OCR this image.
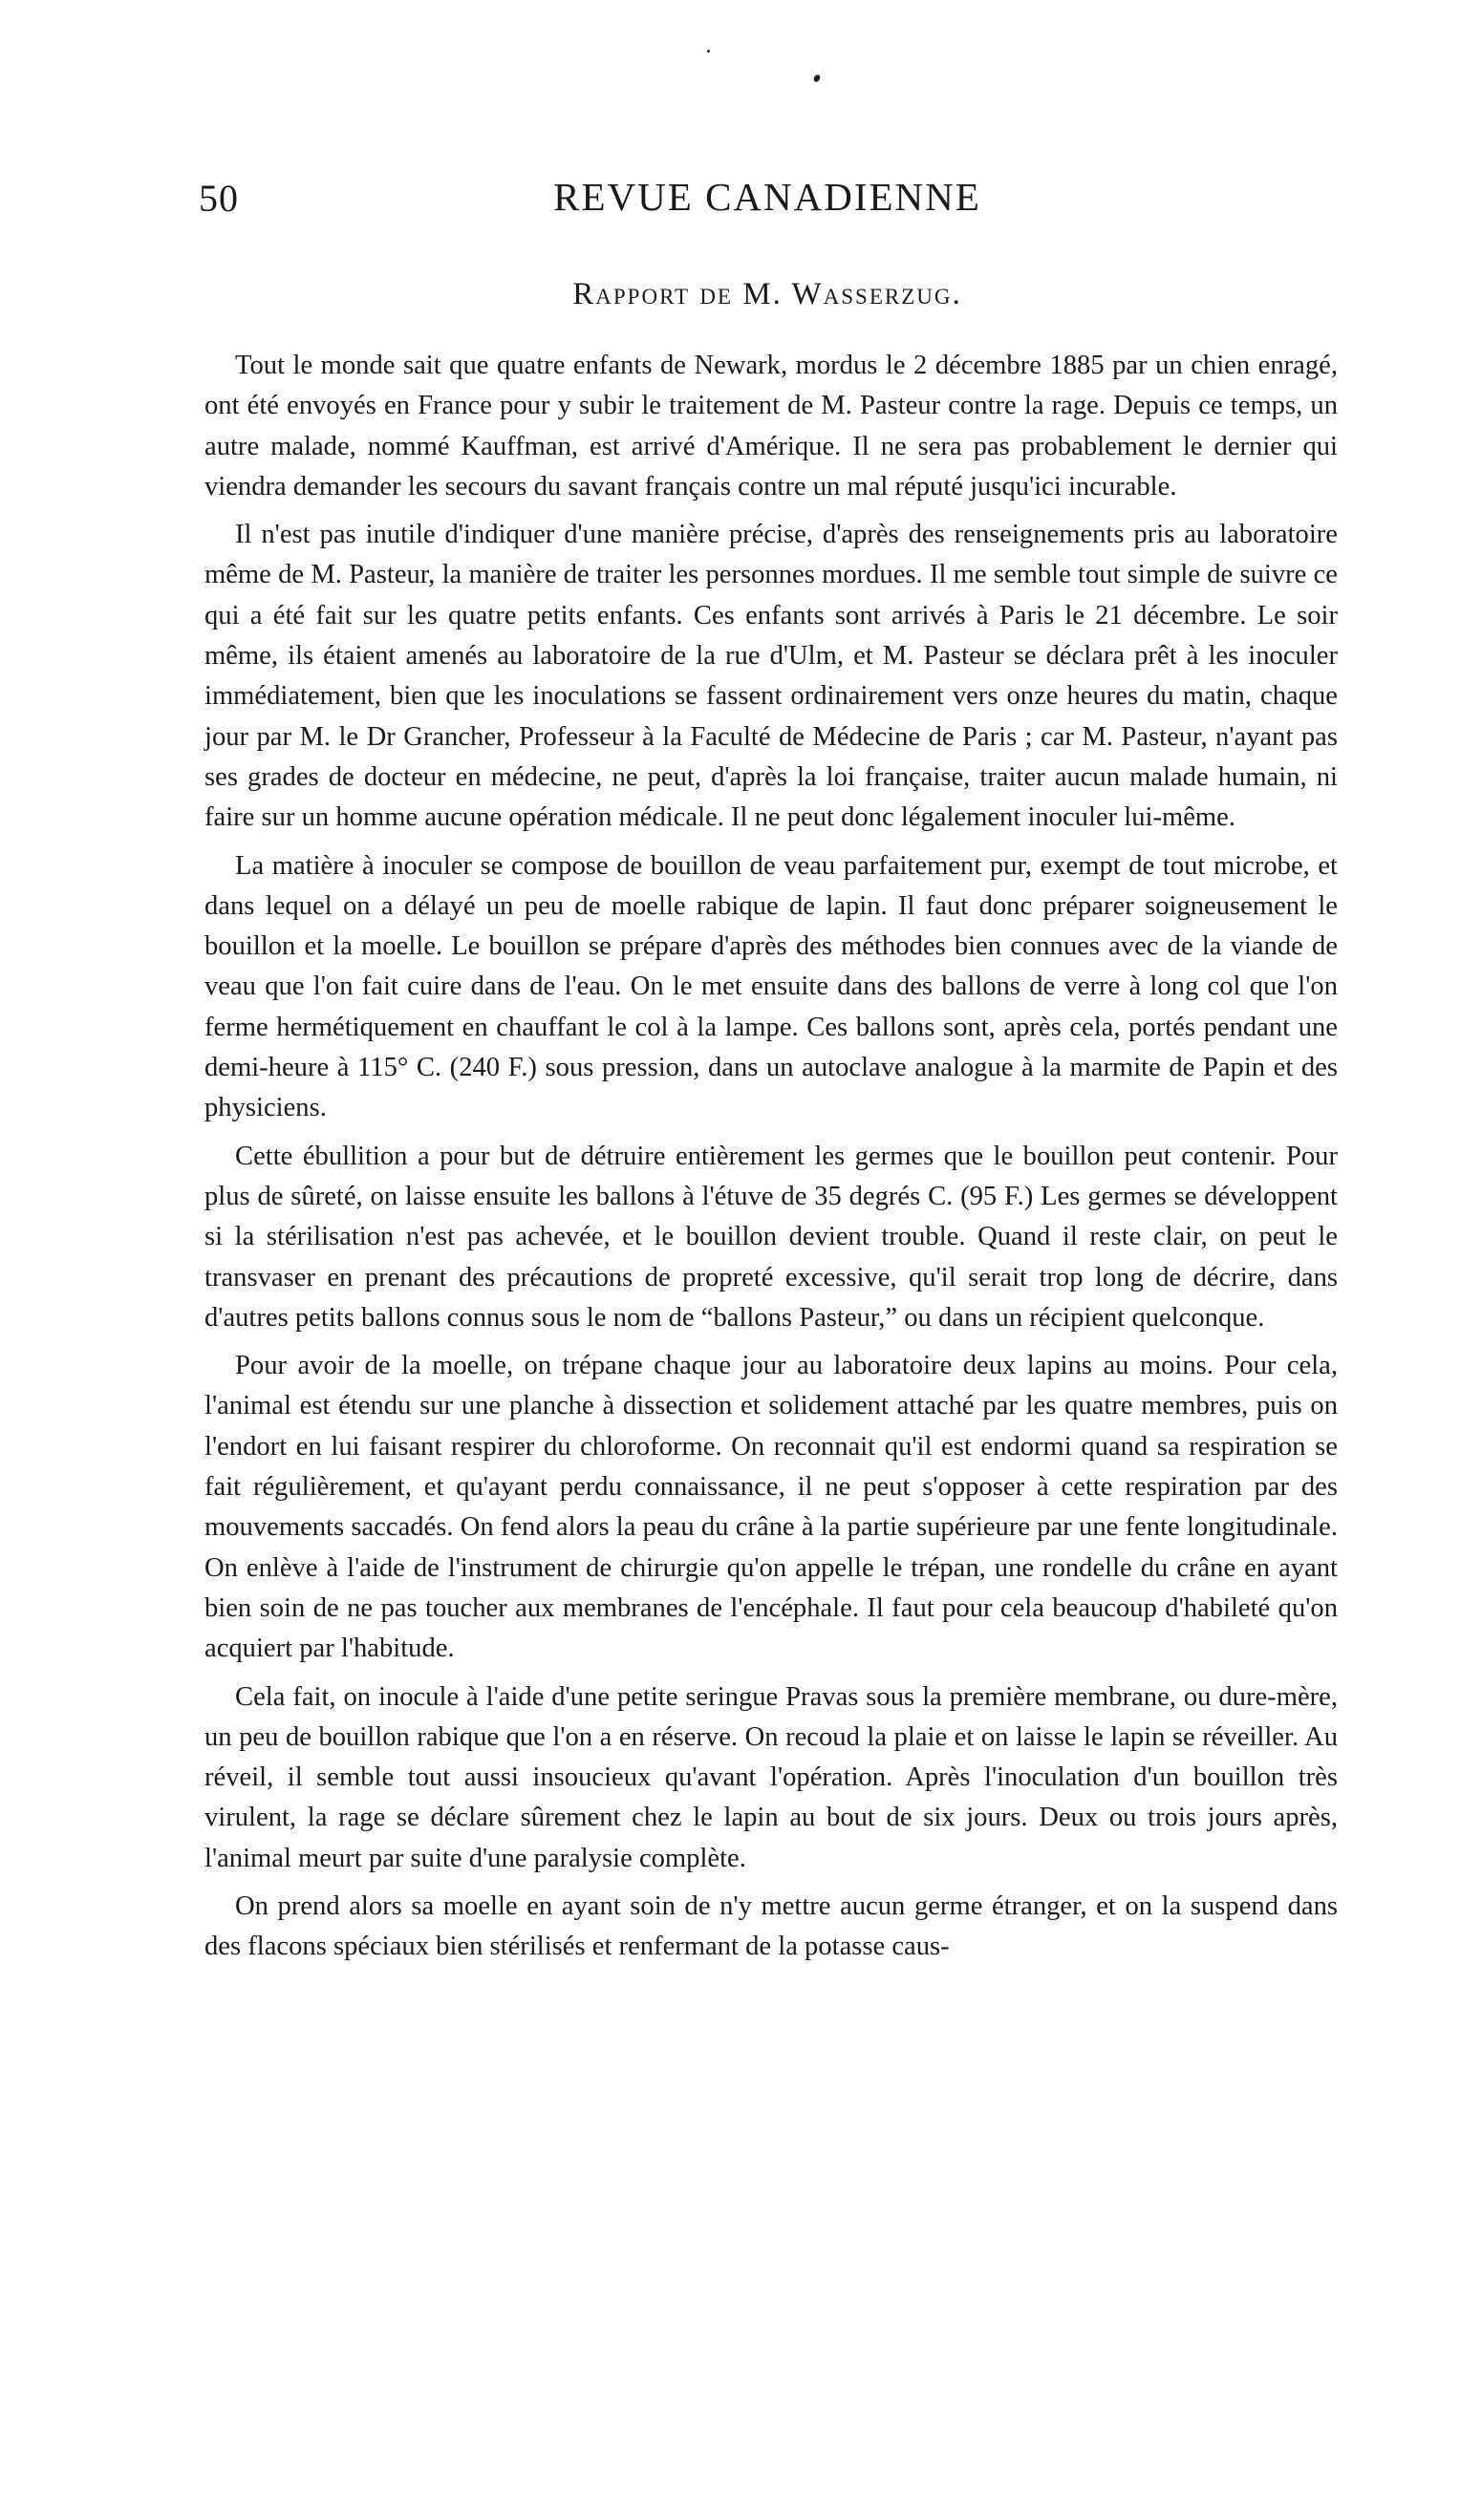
50	REVUE CANADIENNE
Rapport de M. Wasserzug.

Tout le monde sait que quatre enfants de Newark, mordus le 2 décembre 1885 par un chien enragé, ont été envoyés en France pour y subir le traitement de M. Pasteur contre la rage. Depuis ce temps, un autre malade, nommé Kauffman, est arrivé d'Amérique. Il ne sera pas probablement le dernier qui viendra demander les secours du savant français contre un mal réputé jusqu'ici incurable.

Il n'est pas inutile d'indiquer d'une manière précise, d'après des renseignements pris au laboratoire même de M. Pasteur, la manière de traiter les personnes mordues. Il me semble tout simple de suivre ce qui a été fait sur les quatre petits enfants. Ces enfants sont arrivés à Paris le 21 décembre. Le soir même, ils étaient amenés au laboratoire de la rue d'Ulm, et M. Pasteur se déclara prêt à les inoculer immédiatement, bien que les inoculations se fassent ordinairement vers onze heures du matin, chaque jour par M. le Dr Grancher, Professeur à la Faculté de Médecine de Paris ; car M. Pasteur, n'ayant pas ses grades de docteur en médecine, ne peut, d'après la loi française, traiter aucun malade humain, ni faire sur un homme aucune opération médicale. Il ne peut donc légalement inoculer lui-même.

La matière à inoculer se compose de bouillon de veau parfaitement pur, exempt de tout microbe, et dans lequel on a délayé un peu de moelle rabique de lapin. Il faut donc préparer soigneusement le bouillon et la moelle. Le bouillon se prépare d'après des méthodes bien connues avec de la viande de veau que l'on fait cuire dans de l'eau. On le met ensuite dans des ballons de verre à long col que l'on ferme hermétiquement en chauffant le col à la lampe. Ces ballons sont, après cela, portés pendant une demi-heure à 115° C. (240 F.) sous pression, dans un autoclave analogue à la marmite de Papin et des physiciens.

Cette ébullition a pour but de détruire entièrement les germes que le bouillon peut contenir. Pour plus de sûreté, on laisse ensuite les ballons à l'étuve de 35 degrés C. (95 F.) Les germes se développent si la stérilisation n'est pas achevée, et le bouillon devient trouble. Quand il reste clair, on peut le transvaser en prenant des précautions de propreté excessive, qu'il serait trop long de décrire, dans d'autres petits ballons connus sous le nom de “ballons Pasteur,” ou dans un récipient quelconque.

Pour avoir de la moelle, on trépane chaque jour au laboratoire deux lapins au moins. Pour cela, l'animal est étendu sur une planche à dissection et solidement attaché par les quatre membres, puis on l'endort en lui faisant respirer du chloroforme. On reconnait qu'il est endormi quand sa respiration se fait régulièrement, et qu'ayant perdu connaissance, il ne peut s'opposer à cette respiration par des mouvements saccadés. On fend alors la peau du crâne à la partie supérieure par une fente longitudinale. On enlève à l'aide de l'instrument de chirurgie qu'on appelle le trépan, une rondelle du crâne en ayant bien soin de ne pas toucher aux membranes de l'encéphale. Il faut pour cela beaucoup d'habileté qu'on acquiert par l'habitude.

Cela fait, on inocule à l'aide d'une petite seringue Pravas sous la première membrane, ou dure-mère, un peu de bouillon rabique que l'on a en réserve. On recoud la plaie et on laisse le lapin se réveiller. Au réveil, il semble tout aussi insoucieux qu'avant l'opération. Après l'inoculation d'un bouillon très virulent, la rage se déclare sûrement chez le lapin au bout de six jours. Deux ou trois jours après, l'animal meurt par suite d'une paralysie complète.

On prend alors sa moelle en ayant soin de n'y mettre aucun germe étranger, et on la suspend dans des flacons spéciaux bien stérilisés et renfermant de la potasse caus-
